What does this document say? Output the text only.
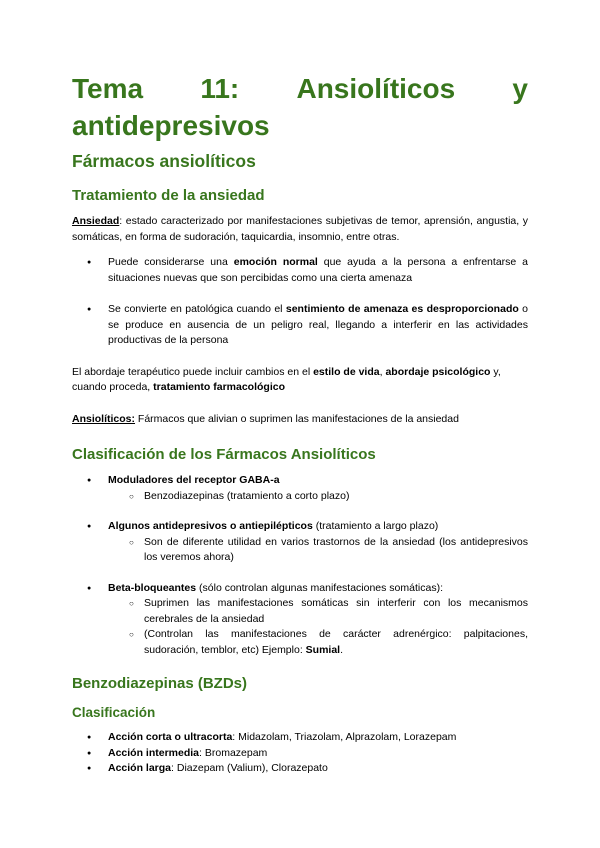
Tema 11: Ansiolíticos y
antidepresivos
Fármacos ansiolíticos
Tratamiento de la ansiedad

Ansiedad: estado caracterizado por manifestaciones subjetivas de temor, aprensión, angustia, y somáticas, en forma de sudoración, taquicardia, insomnio, entre otras.

● Puede considerarse una emoción normal que ayuda a la persona a enfrentarse a situaciones nuevas que son percibidas como una cierta amenaza
● Se convierte en patológica cuando el sentimiento de amenaza es desproporcionado o se produce en ausencia de un peligro real, llegando a interferir en las actividades productivas de la persona

El abordaje terapéutico puede incluir cambios en el estilo de vida, abordaje psicológico y, cuando proceda, tratamiento farmacológico

Ansiolíticos: Fármacos que alivian o suprimen las manifestaciones de la ansiedad

Clasificación de los Fármacos Ansiolíticos
● Moduladores del receptor GABA-a
○ Benzodiazepinas (tratamiento a corto plazo)
● Algunos antidepresivos o antiepilépticos (tratamiento a largo plazo)
○ Son de diferente utilidad en varios trastornos de la ansiedad (los antidepresivos los veremos ahora)
● Beta-bloqueantes (sólo controlan algunas manifestaciones somáticas):
○ Suprimen las manifestaciones somáticas sin interferir con los mecanismos cerebrales de la ansiedad
○ (Controlan las manifestaciones de carácter adrenérgico: palpitaciones, sudoración, temblor, etc) Ejemplo: Sumial.
Benzodiazepinas (BZDs)
Clasificación
● Acción corta o ultracorta: Midazolam, Triazolam, Alprazolam, Lorazepam
● Acción intermedia: Bromazepam
● Acción larga: Diazepam (Valium), Clorazepato
